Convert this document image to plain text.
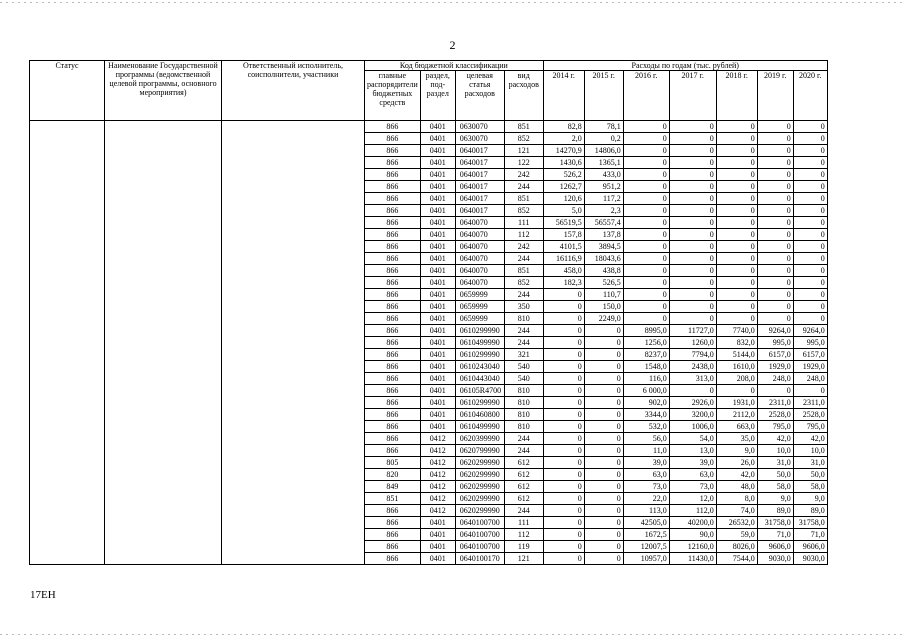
2
Статус	Наименование Государственной программы (ведомственной целевой программы, основного мероприятия)	Ответственный исполнитель, соисполнители, участники	Код бюджетной классификации				Расходы по годам (тыс. рублей)						
			главные распорядители бюджетных средств	раздел, под-раздел	целевая статья расходов	вид расходов	2014 г.	2015 г.	2016 г.	2017 г.	2018 г.	2019 г.	2020 г.
			866	0401	0630070	851	82,8	78,1	0	0	0	0	0
			866	0401	0630070	852	2,0	0,2	0	0	0	0	0
			866	0401	0640017	121	14270,9	14806,0	0	0	0	0	0
			866	0401	0640017	122	1430,6	1365,1	0	0	0	0	0
			866	0401	0640017	242	526,2	433,0	0	0	0	0	0
			866	0401	0640017	244	1262,7	951,2	0	0	0	0	0
			866	0401	0640017	851	120,6	117,2	0	0	0	0	0
			866	0401	0640017	852	5,0	2,3	0	0	0	0	0
			866	0401	0640070	111	56519,5	56557,4	0	0	0	0	0
			866	0401	0640070	112	157,8	137,8	0	0	0	0	0
			866	0401	0640070	242	4101,5	3894,5	0	0	0	0	0
			866	0401	0640070	244	16116,9	18043,6	0	0	0	0	0
			866	0401	0640070	851	458,0	438,8	0	0	0	0	0
			866	0401	0640070	852	182,3	526,5	0	0	0	0	0
			866	0401	0659999	244	0	110,7	0	0	0	0	0
			866	0401	0659999	350	0	150,0	0	0	0	0	0
			866	0401	0659999	810	0	2249,0	0	0	0	0	0
			866	0401	0610299990	244	0	0	8995,0	11727,0	7740,0	9264,0	9264,0
			866	0401	0610499990	244	0	0	1256,0	1260,0	832,0	995,0	995,0
			866	0401	0610299990	321	0	0	8237,0	7794,0	5144,0	6157,0	6157,0
			866	0401	0610243040	540	0	0	1548,0	2438,0	1610,0	1929,0	1929,0
			866	0401	0610443040	540	0	0	116,0	313,0	208,0	248,0	248,0
			866	0401	06105R4700	810	0	0	6 000,0	0	0	0	0
			866	0401	0610299990	810	0	0	902,0	2926,0	1931,0	2311,0	2311,0
			866	0401	0610460800	810	0	0	3344,0	3200,0	2112,0	2528,0	2528,0
			866	0401	0610499990	810	0	0	532,0	1006,0	663,0	795,0	795,0
			866	0412	0620399990	244	0	0	56,0	54,0	35,0	42,0	42,0
			866	0412	0620799990	244	0	0	11,0	13,0	9,0	10,0	10,0
			805	0412	0620299990	612	0	0	39,0	39,0	26,0	31,0	31,0
			820	0412	0620299990	612	0	0	63,0	63,0	42,0	50,0	50,0
			849	0412	0620299990	612	0	0	73,0	73,0	48,0	58,0	58,0
			851	0412	0620299990	612	0	0	22,0	12,0	8,0	9,0	9,0
			866	0412	0620299990	244	0	0	113,0	112,0	74,0	89,0	89,0
			866	0401	0640100700	111	0	0	42505,0	40200,0	26532,0	31758,0	31758,0
			866	0401	0640100700	112	0	0	1672,5	90,0	59,0	71,0	71,0
			866	0401	0640100700	119	0	0	12007,5	12160,0	8026,0	9606,0	9606,0
			866	0401	0640100170	121	0	0	10957,0	11430,0	7544,0	9030,0	9030,0
17ЕН
